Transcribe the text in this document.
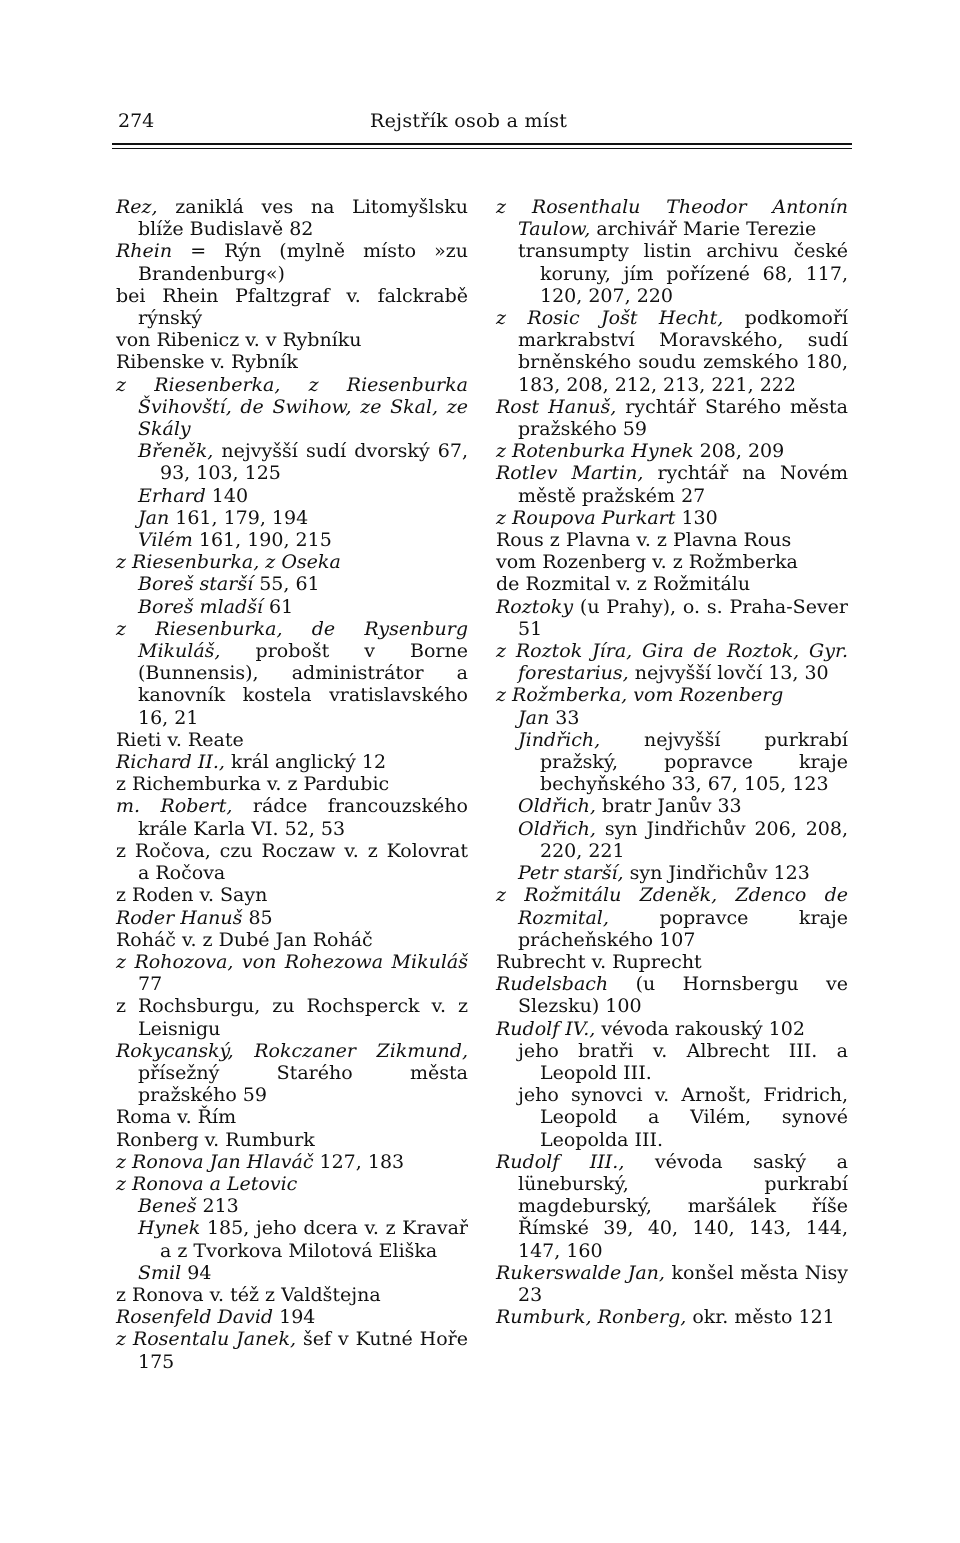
274	Rejstřík osob a míst
Rez, zaniklá ves na Litomyšlsku blíže Budislavě 82
Rhein = Rýn (mylně místo »zu Brandenburg«)
bei Rhein Pfaltzgraf v. falckrabě rýnský
von Ribenicz v. v Rybníku
Ribenske v. Rybník
z Riesenberka, z Riesenburka Švihovští, de Swihow, ze Skal, ze Skály
Břeněk, nejvyšší sudí dvorský 67, 93, 103, 125
Erhard 140
Jan 161, 179, 194
Vilém 161, 190, 215
z Riesenburka, z Oseka
Boreš starší 55, 61
Boreš mladší 61
z Riesenburka, de Rysenburg Mikuláš, probošt v Borne (Bunnensis), administrátor a kanovník kostela vratislavského 16, 21
Rieti v. Reate
Richard II., král anglický 12
z Richemburka v. z Pardubic
m. Robert, rádce francouzského krále Karla VI. 52, 53
z Ročova, czu Roczaw v. z Kolovrat a Ročova
z Roden v. Sayn
Roder Hanuš 85
Roháč v. z Dubé Jan Roháč
z Rohozova, von Rohezowa Mikuláš 77
z Rochsburgu, zu Rochsperck v. z Leisnigu
Rokycanský, Rokczaner Zikmund, přísežný Starého města pražského 59
Roma v. Řím
Ronberg v. Rumburk
z Ronova Jan Hlaváč 127, 183
z Ronova a Letovic
Beneš 213
Hynek 185, jeho dcera v. z Kravař a z Tvorkova Milotová Eliška
Smil 94
z Ronova v. též z Valdštejna
Rosenfeld David 194
z Rosentalu Janek, šef v Kutné Hoře 175
z Rosenthalu Theodor Antonín Taulow, archivář Marie Terezie
transumpty listin archivu české koruny, jím pořízené 68, 117, 120, 207, 220
z Rosic Jošt Hecht, podkomoří markrabství Moravského, sudí brněnského soudu zemského 180, 183, 208, 212, 213, 221, 222
Rost Hanuš, rychtář Starého města pražského 59
z Rotenburka Hynek 208, 209
Rotlev Martin, rychtář na Novém městě pražském 27
z Roupova Purkart 130
Rous z Plavna v. z Plavna Rous
vom Rozenberg v. z Rožmberka
de Rozmital v. z Rožmitálu
Roztoky (u Prahy), o. s. Praha-Sever 51
z Roztok Jíra, Gira de Roztok, Gyr. forestarius, nejvyšší lovčí 13, 30
z Rožmberka, vom Rozenberg
Jan 33
Jindřich, nejvyšší purkrabí pražský, popravce kraje bechyňského 33, 67, 105, 123
Oldřich, bratr Janův 33
Oldřich, syn Jindřichův 206, 208, 220, 221
Petr starší, syn Jindřichův 123
z Rožmitálu Zdeněk, Zdenco de Rozmital, popravce kraje práchеňského 107
Rubrecht v. Ruprecht
Rudelsbach (u Hornsbergu ve Slezsku) 100
Rudolf IV., vévoda rakouský 102
jeho bratři v. Albrecht III. a Leopold III.
jeho synovci v. Arnošt, Fridrich, Leopold a Vilém, synové Leopolda III.
Rudolf III., vévoda saský a lüneburský, purkrabí magdeburský, maršálek říše Římské 39, 40, 140, 143, 144, 147, 160
Rukerswalde Jan, konšel města Nisy 23
Rumburk, Ronberg, okr. město 121
